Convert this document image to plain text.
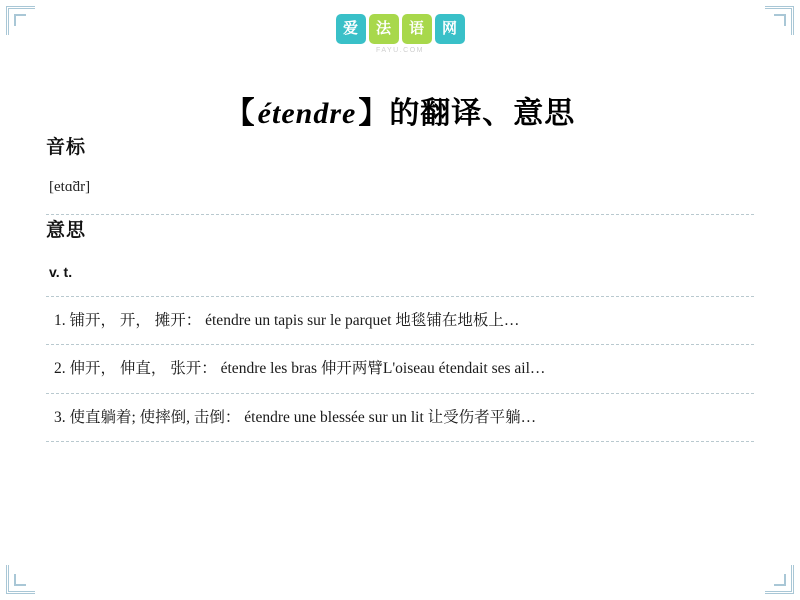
爱	法	语	网
FAYU.COM
【étendre】的翻译、意思
音标
[etɑ̃dr]
意思
v. t.
1. 铺开， 开， 摊开： étendre un tapis sur le parquet 地毯铺在地板上…
2. 伸开， 伸直， 张开： étendre les bras 伸开两臂L'oiseau étendait ses ail…
3. 使直躺着; 使摔倒, 击倒： étendre une blessée sur un lit 让受伤者平躺…
